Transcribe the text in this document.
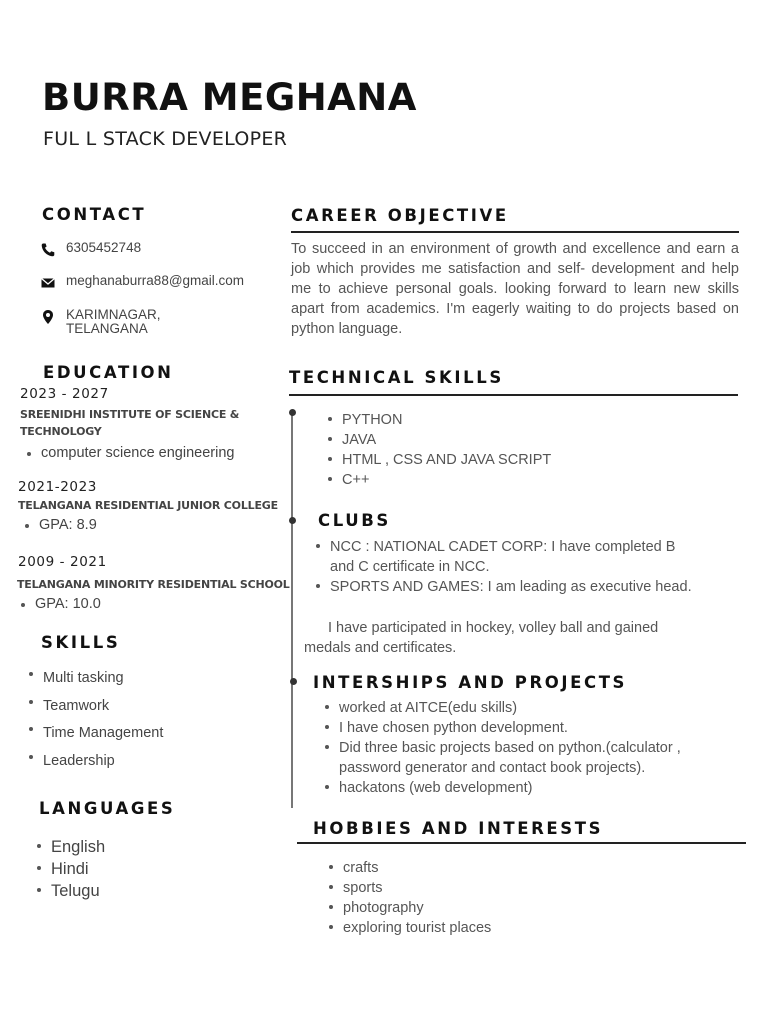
BURRA MEGHANA
FUL L STACK DEVELOPER
CONTACT
6305452748
meghanaburra88@gmail.com
KARIMNAGAR,
TELANGANA
EDUCATION
2023 - 2027
SREENIDHI INSTITUTE OF SCIENCE &
TECHNOLOGY
computer science engineering
2021-2023
TELANGANA RESIDENTIAL JUNIOR COLLEGE
GPA: 8.9
2009 - 2021
TELANGANA MINORITY RESIDENTIAL SCHOOL
GPA: 10.0
SKILLS
Multi tasking
Teamwork
Time Management
Leadership
LANGUAGES
English
Hindi
Telugu
CAREER OBJECTIVE
To succeed in an environment of growth and excellence and earn a job which provides me satisfaction and self- development and help me to achieve personal goals. looking forward to learn new skills apart from academics. I'm eagerly waiting to do projects based on python language.
TECHNICAL SKILLS
PYTHON
JAVA
HTML , CSS AND JAVA SCRIPT
C++
CLUBS
NCC : NATIONAL CADET CORP: I have completed B and C certificate in NCC.
SPORTS AND GAMES: I am leading as executive head.
I have participated in hockey, volley ball and gained medals and certificates.
INTERSHIPS AND PROJECTS
worked at AITCE(edu skills)
I have chosen python development.
Did three basic projects based on python.(calculator , password generator and contact book projects).
hackatons (web development)
HOBBIES AND INTERESTS
crafts
sports
photography
exploring tourist places
